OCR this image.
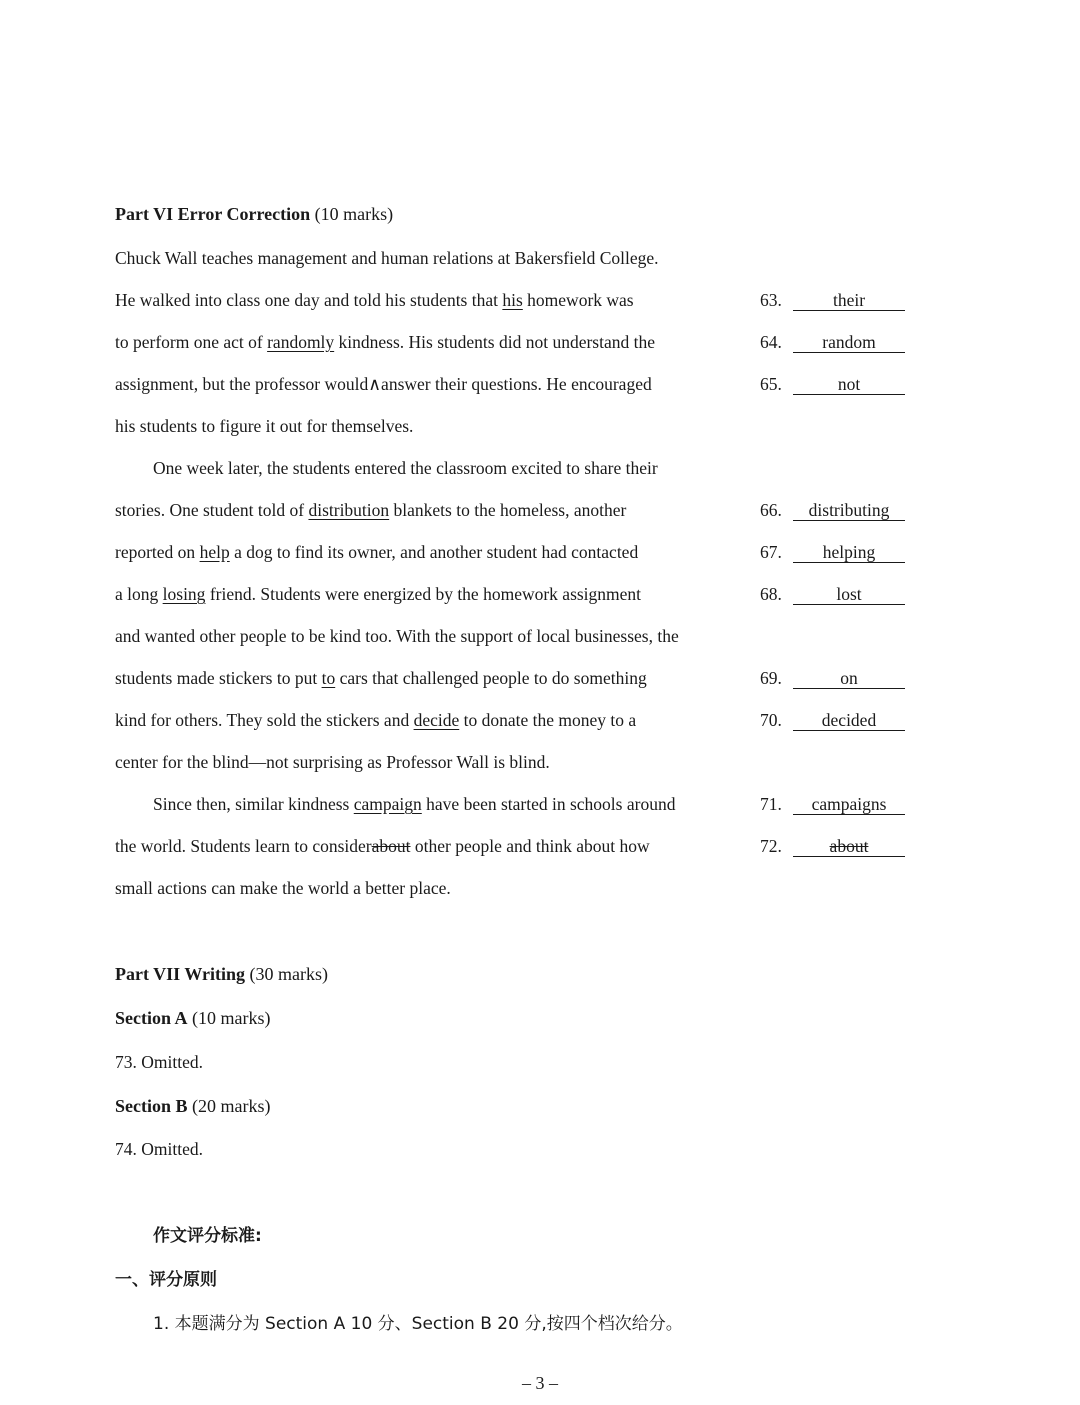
Part VI Error Correction (10 marks)
Chuck Wall teaches management and human relations at Bakersfield College.
He walked into class one day and told his students that his homework was
to perform one act of randomly kindness. His students did not understand the
assignment, but the professor would∧answer their questions. He encouraged
his students to figure it out for themselves.
One week later, the students entered the classroom excited to share their
stories. One student told of distribution blankets to the homeless, another
reported on help a dog to find its owner, and another student had contacted
a long losing friend. Students were energized by the homework assignment
and wanted other people to be kind too. With the support of local businesses, the
students made stickers to put to cars that challenged people to do something
kind for others. They sold the stickers and decide to donate the money to a
center for the blind—not surprising as Professor Wall is blind.
Since then, similar kindness campaign have been started in schools around
the world. Students learn to considerabout other people and think about how
small actions can make the world a better place.
63.	their
64. random
65.	not
66. distributing
67. helping
68.	lost
69.	on
70. decided
71. campaigns
72.	about
Part VII Writing (30 marks)
Section A (10 marks)
73. Omitted.
Section B (20 marks)
74. Omitted.
作文评分标准:
一、评分原则
1. 本题满分为 Section A 10 分、Section B 20 分,按四个档次给分。
– 3 –
